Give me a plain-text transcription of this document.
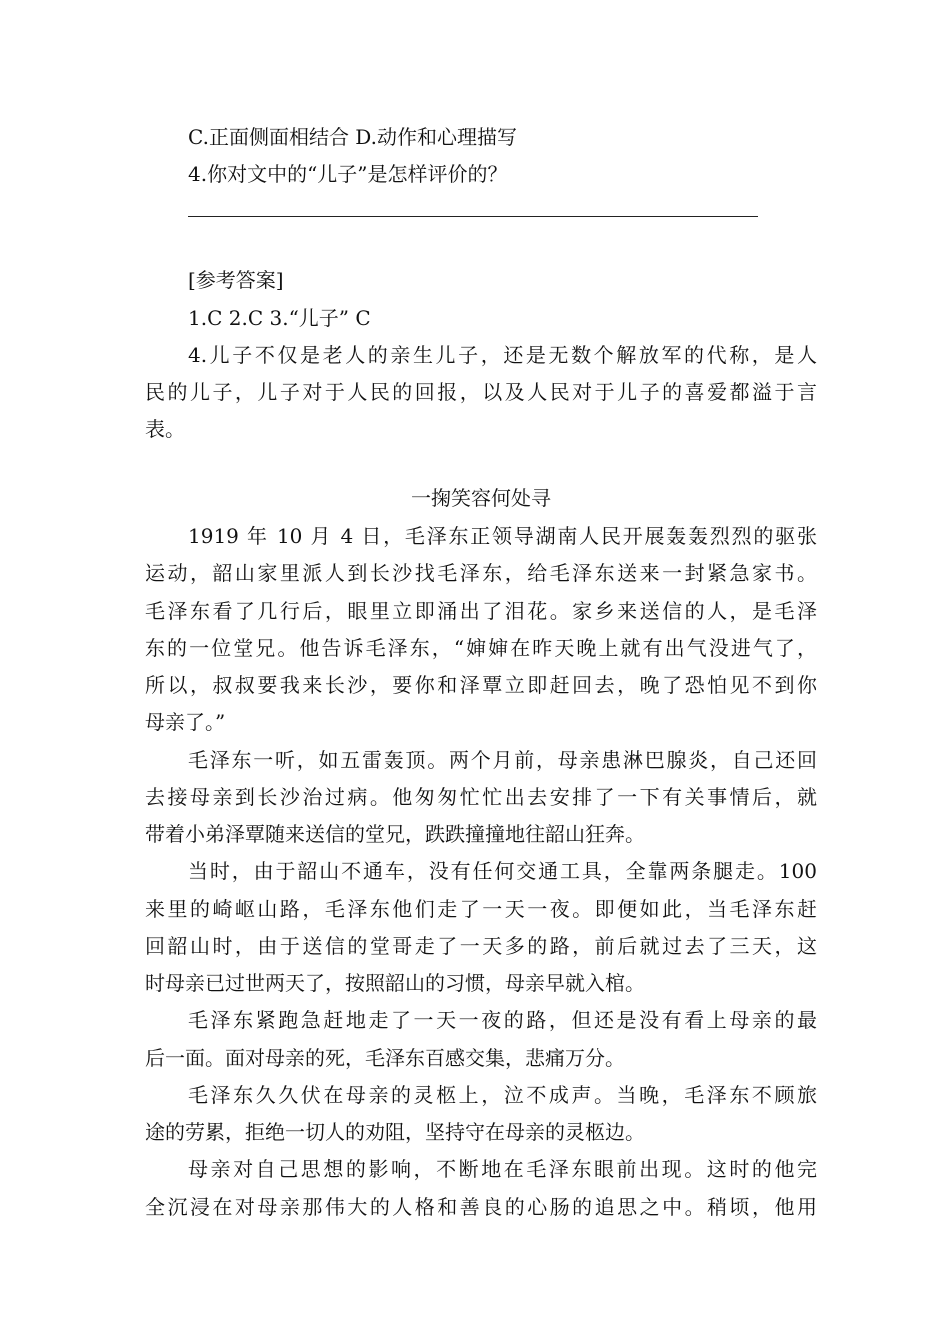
C.正面侧面相结合 D.动作和心理描写
4.你对文中的“儿子”是怎样评价的？
[参考答案]
1.C 2.C 3.“儿子” C
4.儿子不仅是老人的亲生儿子，还是无数个解放军的代称，是人
民的儿子，儿子对于人民的回报，以及人民对于儿子的喜爱都溢于言
表。
一掬笑容何处寻
1919 年 10 月 4 日，毛泽东正领导湖南人民开展轰轰烈烈的驱张
运动，韶山家里派人到长沙找毛泽东，给毛泽东送来一封紧急家书。
毛泽东看了几行后，眼里立即涌出了泪花。家乡来送信的人，是毛泽
东的一位堂兄。他告诉毛泽东，“婶婶在昨天晚上就有出气没进气了，
所以，叔叔要我来长沙，要你和泽覃立即赶回去，晚了恐怕见不到你
母亲了。”
毛泽东一听，如五雷轰顶。两个月前，母亲患淋巴腺炎，自己还回
去接母亲到长沙治过病。他匆匆忙忙出去安排了一下有关事情后，就
带着小弟泽覃随来送信的堂兄，跌跌撞撞地往韶山狂奔。
当时，由于韶山不通车，没有任何交通工具，全靠两条腿走。100
来里的崎岖山路，毛泽东他们走了一天一夜。即便如此，当毛泽东赶
回韶山时，由于送信的堂哥走了一天多的路，前后就过去了三天，这
时母亲已过世两天了，按照韶山的习惯，母亲早就入棺。
毛泽东紧跑急赶地走了一天一夜的路，但还是没有看上母亲的最
后一面。面对母亲的死，毛泽东百感交集，悲痛万分。
毛泽东久久伏在母亲的灵柩上，泣不成声。当晚，毛泽东不顾旅
途的劳累，拒绝一切人的劝阻，坚持守在母亲的灵柩边。
母亲对自己思想的影响，不断地在毛泽东眼前出现。这时的他完
全沉浸在对母亲那伟大的人格和善良的心肠的追思之中。稍顷，他用
